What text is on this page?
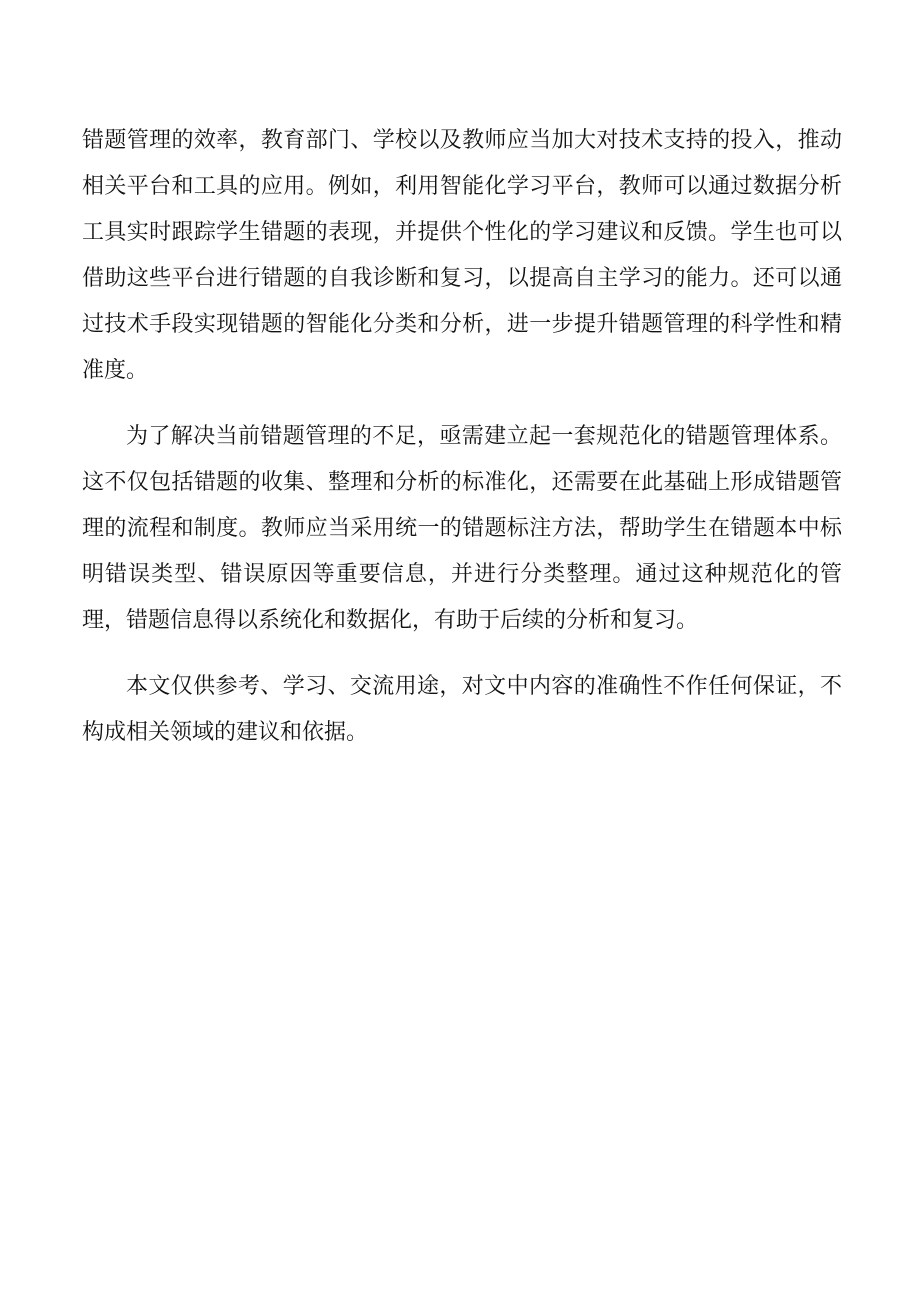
错题管理的效率，教育部门、学校以及教师应当加大对技术支持的投入，推动相关平台和工具的应用。例如，利用智能化学习平台，教师可以通过数据分析工具实时跟踪学生错题的表现，并提供个性化的学习建议和反馈。学生也可以借助这些平台进行错题的自我诊断和复习，以提高自主学习的能力。还可以通过技术手段实现错题的智能化分类和分析，进一步提升错题管理的科学性和精准度。

为了解决当前错题管理的不足，亟需建立起一套规范化的错题管理体系。这不仅包括错题的收集、整理和分析的标准化，还需要在此基础上形成错题管理的流程和制度。教师应当采用统一的错题标注方法，帮助学生在错题本中标明错误类型、错误原因等重要信息，并进行分类整理。通过这种规范化的管理，错题信息得以系统化和数据化，有助于后续的分析和复习。

本文仅供参考、学习、交流用途，对文中内容的准确性不作任何保证，不构成相关领域的建议和依据。
